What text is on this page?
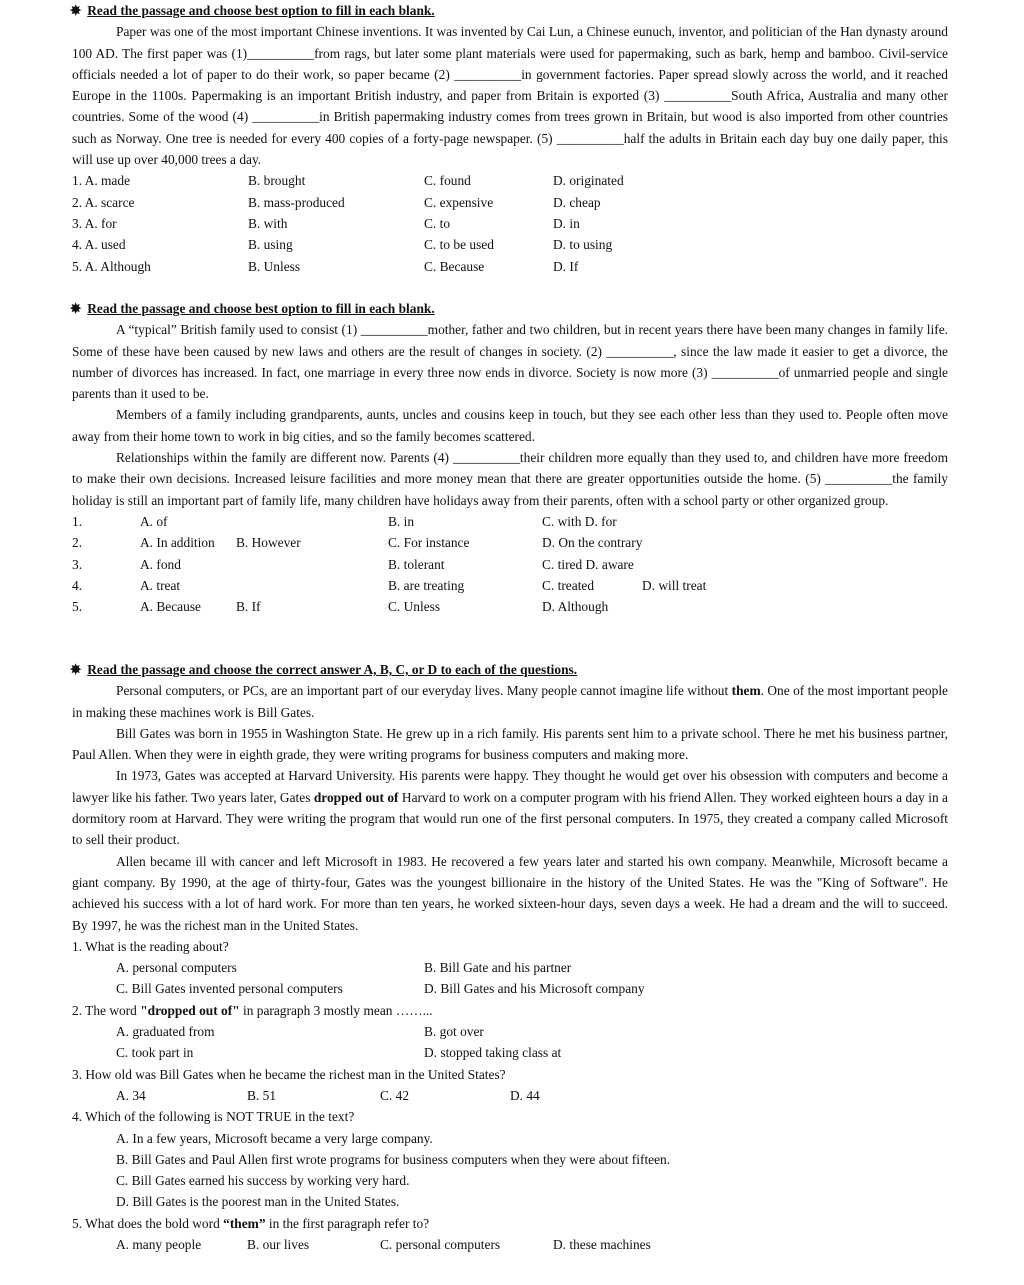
✸ Read the passage and choose best option to fill in each blank.

Paper was one of the most important Chinese inventions. It was invented by Cai Lun, a Chinese eunuch, inventor, and politician of the Han dynasty around 100 AD. The first paper was (1)__________from rags, but later some plant materials were used for papermaking, such as bark, hemp and bamboo. Civil-service officials needed a lot of paper to do their work, so paper became (2) __________in government factories. Paper spread slowly across the world, and it reached Europe in the 1100s. Papermaking is an important British industry, and paper from Britain is exported (3) __________South Africa, Australia and many other countries. Some of the wood (4) __________in British papermaking industry comes from trees grown in Britain, but wood is also imported from other countries such as Norway. One tree is needed for every 400 copies of a forty-page newspaper. (5) __________half the adults in Britain each day buy one daily paper, this will use up over 40,000 trees a day.

1. A. made	B. brought	C. found	D. originated
2. A. scarce	B. mass-produced	C. expensive	D. cheap
3. A. for	B. with	C. to	D. in
4. A. used	B. using	C. to be used	D. to using
5. A. Although	B. Unless	C. Because	D. If
✸ Read the passage and choose best option to fill in each blank.

A “typical” British family used to consist (1) __________mother, father and two children, but in recent years there have been many changes in family life. Some of these have been caused by new laws and others are the result of changes in society. (2) __________, since the law made it easier to get a divorce, the number of divorces has increased. In fact, one marriage in every three now ends in divorce. Society is now more (3) __________of unmarried people and single parents than it used to be.

Members of a family including grandparents, aunts, uncles and cousins keep in touch, but they see each other less than they used to. People often move away from their home town to work in big cities, and so the family becomes scattered.

Relationships within the family are different now. Parents (4) __________their children more equally than they used to, and children have more freedom to make their own decisions. Increased leisure facilities and more money mean that there are greater opportunities outside the home. (5) __________the family holiday is still an important part of family life, many children have holidays away from their parents, often with a school party or other organized group.

1.	A. of	B. in	C. with D. for
2.	A. In addition B. However	C. For instance	D. On the contrary
3.	A. fond	B. tolerant	C. tired D. aware
4.	A. treat	B. are treating	C. treated	D. will treat
5.	A. Because	B. If	C. Unless	D. Although
✸ Read the passage and choose the correct answer A, B, C, or D to each of the questions.

Personal computers, or PCs, are an important part of our everyday lives. Many people cannot imagine life without them. One of the most important people in making these machines work is Bill Gates.

Bill Gates was born in 1955 in Washington State. He grew up in a rich family. His parents sent him to a private school. There he met his business partner, Paul Allen. When they were in eighth grade, they were writing programs for business computers and making more.

In 1973, Gates was accepted at Harvard University. His parents were happy. They thought he would get over his obsession with computers and become a lawyer like his father. Two years later, Gates dropped out of Harvard to work on a computer program with his friend Allen. They worked eighteen hours a day in a dormitory room at Harvard. They were writing the program that would run one of the first personal computers. In 1975, they created a company called Microsoft to sell their product.

Allen became ill with cancer and left Microsoft in 1983. He recovered a few years later and started his own company. Meanwhile, Microsoft became a giant company. By 1990, at the age of thirty-four, Gates was the youngest billionaire in the history of the United States. He was the "King of Software". He achieved his success with a lot of hard work. For more than ten years, he worked sixteen-hour days, seven days a week. He had a dream and the will to succeed. By 1997, he was the richest man in the United States.

1. What is the reading about?
A. personal computers	B. Bill Gate and his partner
C. Bill Gates invented personal computers	D. Bill Gates and his Microsoft company
2. The word "dropped out of" in paragraph 3 mostly mean ……...
A. graduated from	B. got over
C. took part in	D. stopped taking class at
3. How old was Bill Gates when he became the richest man in the United States?
A. 34	B. 51	C. 42	D. 44
4. Which of the following is NOT TRUE in the text?
A. In a few years, Microsoft became a very large company.
B. Bill Gates and Paul Allen first wrote programs for business computers when they were about fifteen.
C. Bill Gates earned his success by working very hard.
D. Bill Gates is the poorest man in the United States.
5. What does the bold word “them” in the first paragraph refer to?
A. many people	B. our lives	C. personal computers	D. these machines
